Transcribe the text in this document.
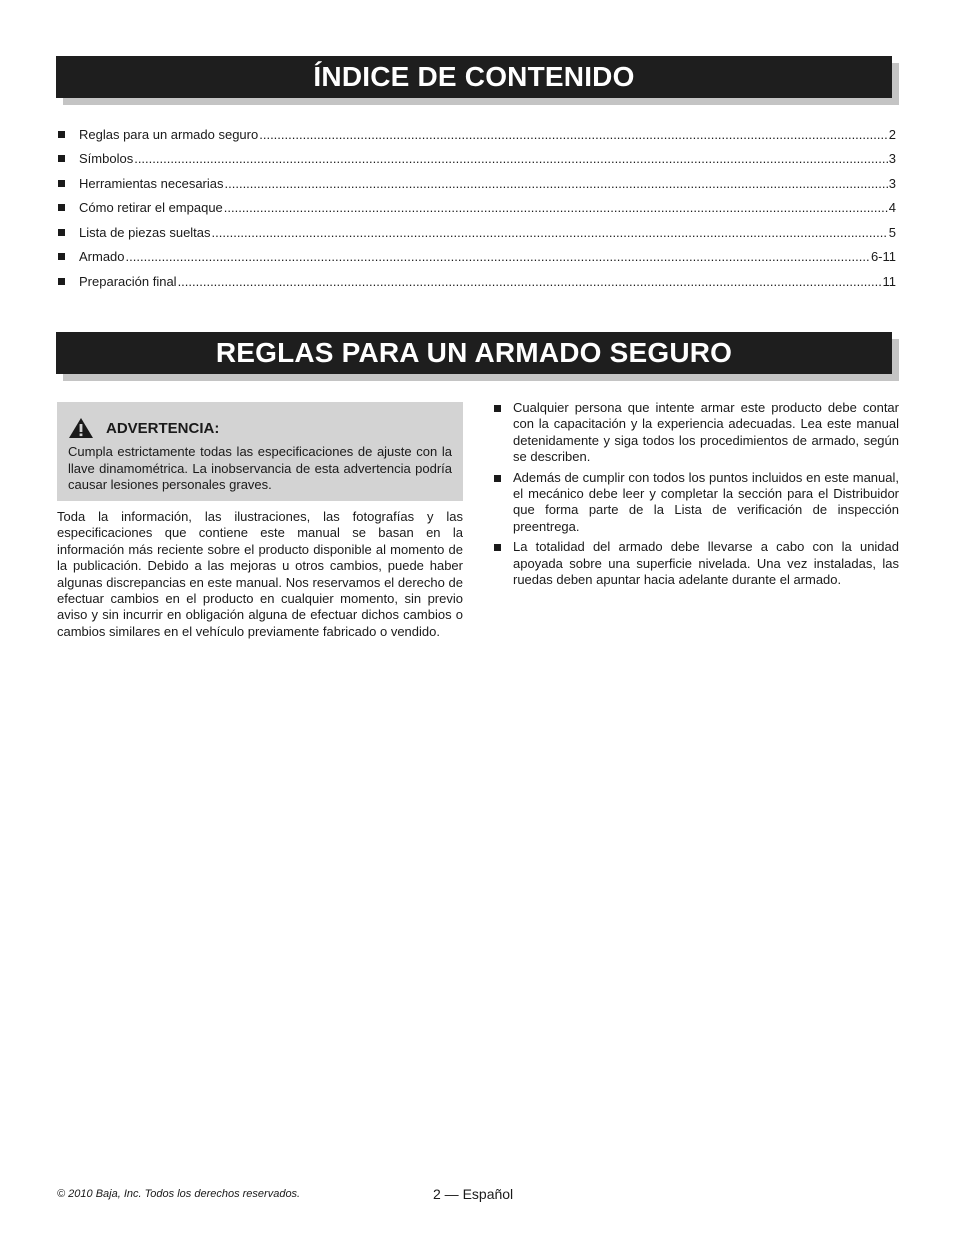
ÍNDICE DE CONTENIDO
Reglas para un armado seguro .....	2
Símbolos .....	3
Herramientas necesarias .....	3
Cómo retirar el empaque .....	4
Lista de piezas sueltas .....	5
Armado .....	6-11
Preparación final .....	11
REGLAS PARA UN ARMADO SEGURO
ADVERTENCIA:
Cumpla estrictamente todas las especificaciones de ajuste con la llave dinamométrica. La inobservancia de esta advertencia podría causar lesiones personales graves.

Toda la información, las ilustraciones, las fotografías y las especificaciones que contiene este manual se basan en la información más reciente sobre el producto disponible al momento de la publicación. Debido a las mejoras u otros cambios, puede haber algunas discrepancias en este manual. Nos reservamos el derecho de efectuar cambios en el producto en cualquier momento, sin previo aviso y sin incurrir en obligación alguna de efectuar dichos cambios o cambios similares en el vehículo previamente fabricado o vendido.

Cualquier persona que intente armar este producto debe contar con la capacitación y la experiencia adecuadas. Lea este manual detenidamente y siga todos los procedimientos de armado, según se describen.
Además de cumplir con todos los puntos incluidos en este manual, el mecánico debe leer y completar la sección para el Distribuidor que forma parte de la Lista de verificación de inspección preentrega.
La totalidad del armado debe llevarse a cabo con la unidad apoyada sobre una superficie nivelada. Una vez instaladas, las ruedas deben apuntar hacia adelante durante el armado.
© 2010 Baja, Inc. Todos los derechos reservados.	2 — Español
